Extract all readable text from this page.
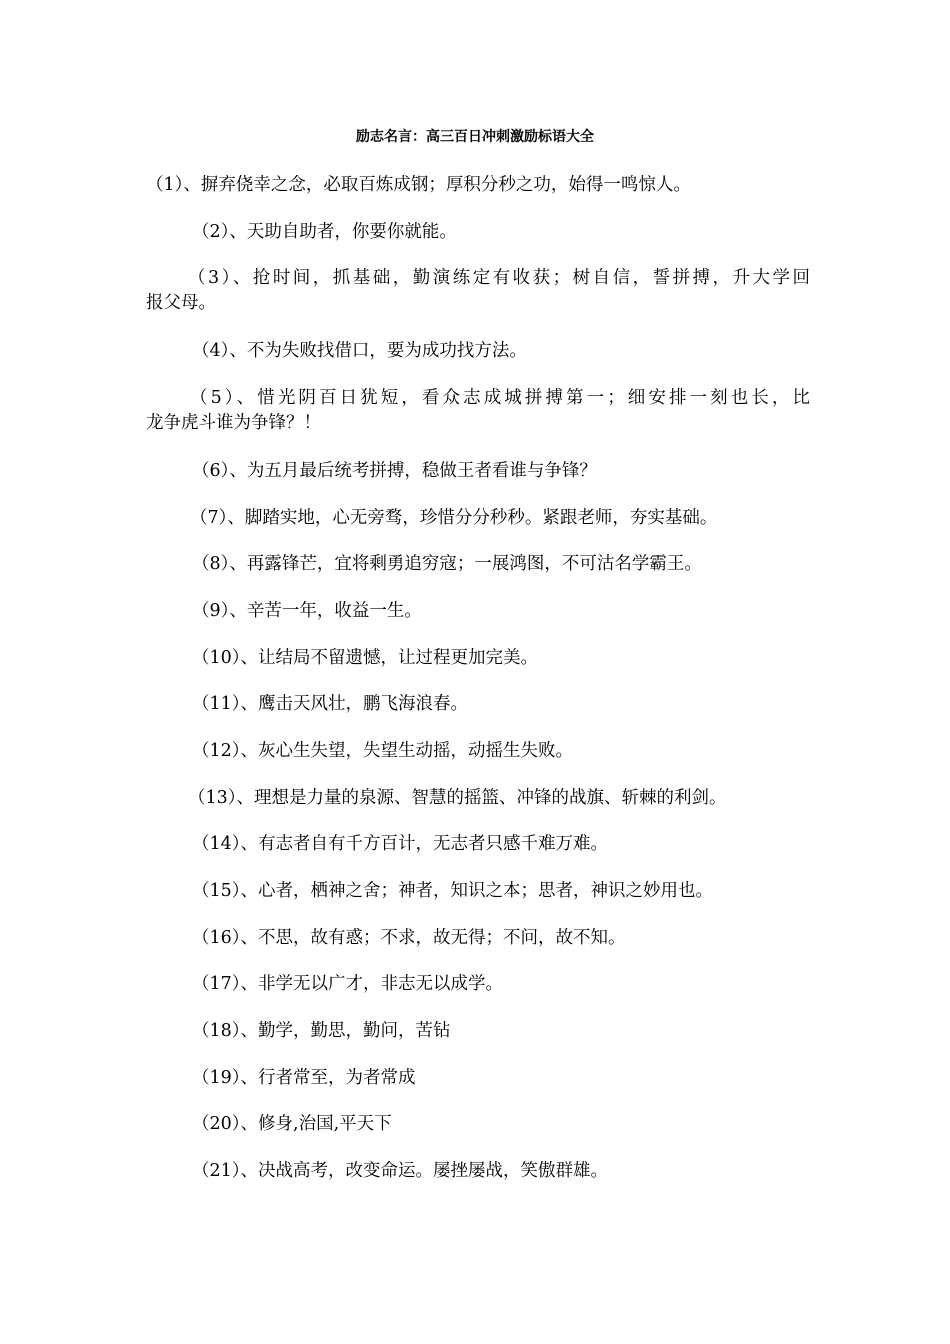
励志名言：高三百日冲刺激励标语大全
（1）、摒弃侥幸之念，必取百炼成钢；厚积分秒之功，始得一鸣惊人。
（2）、天助自助者，你要你就能。
（3）、抢时间，抓基础，勤演练定有收获；树自信，誓拼搏，升大学回
报父母。
（4）、不为失败找借口，要为成功找方法。
（5）、惜光阴百日犹短，看众志成城拼搏第一；细安排一刻也长，比
龙争虎斗谁为争锋？！
（6）、为五月最后统考拼搏，稳做王者看谁与争锋？
（7）、脚踏实地，心无旁骛，珍惜分分秒秒。紧跟老师，夯实基础。
（8）、再露锋芒，宜将剩勇追穷寇；一展鸿图，不可沽名学霸王。
（9）、辛苦一年，收益一生。
（10）、让结局不留遗憾，让过程更加完美。
（11）、鹰击天风壮，鹏飞海浪春。
（12）、灰心生失望，失望生动摇，动摇生失败。
（13）、理想是力量的泉源、智慧的摇篮、冲锋的战旗、斩棘的利剑。
（14）、有志者自有千方百计，无志者只感千难万难。
（15）、心者，栖神之舍；神者，知识之本；思者，神识之妙用也。
（16）、不思，故有惑；不求，故无得；不问，故不知。
（17）、非学无以广才，非志无以成学。
（18）、勤学，勤思，勤问，苦钻
（19）、行者常至，为者常成
（20）、修身,治国,平天下
（21）、决战高考，改变命运。屡挫屡战，笑傲群雄。
